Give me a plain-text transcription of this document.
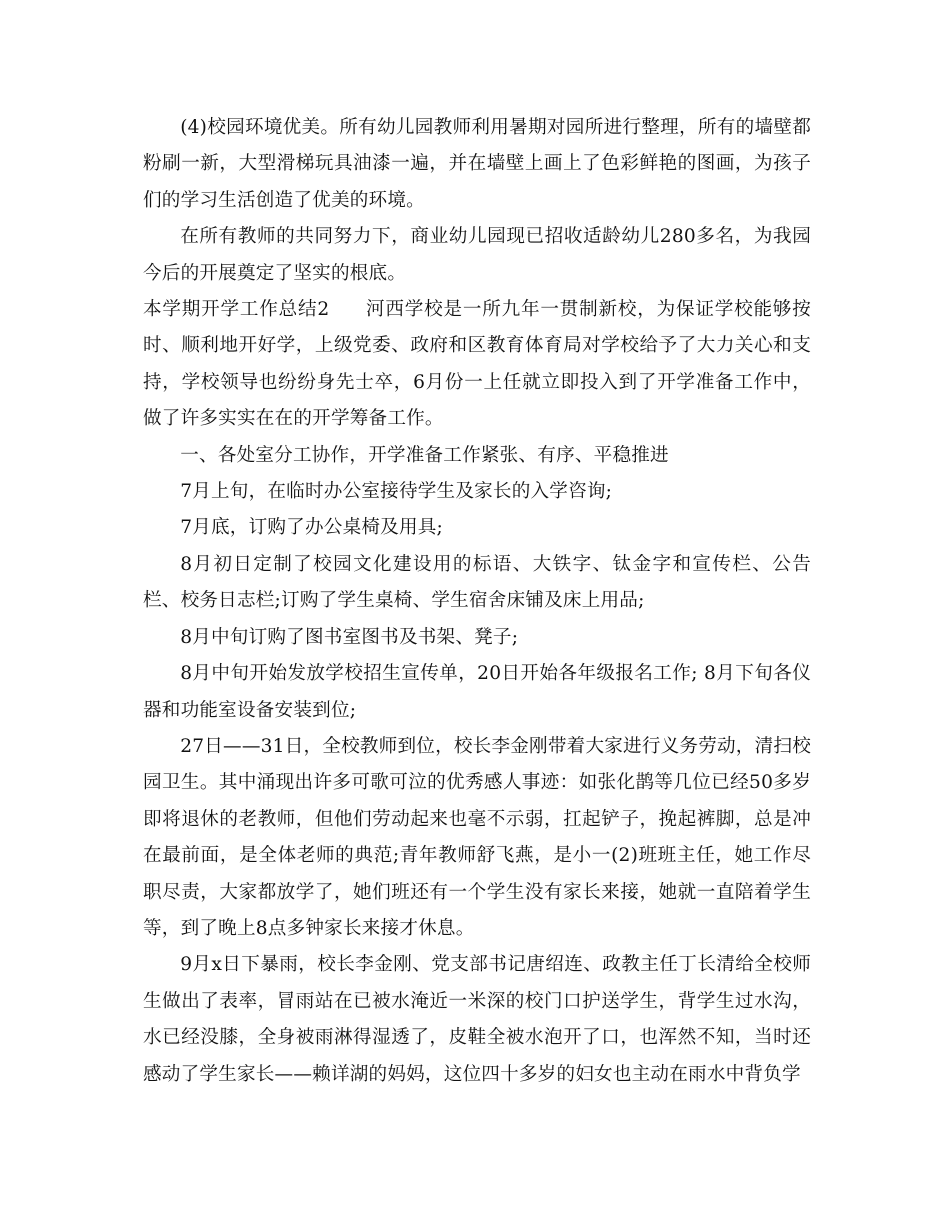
(4)校园环境优美。所有幼儿园教师利用暑期对园所进行整理，所有的墙壁都粉刷一新，大型滑梯玩具油漆一遍，并在墙壁上画上了色彩鲜艳的图画，为孩子们的学习生活创造了优美的环境。

在所有教师的共同努力下，商业幼儿园现已招收适龄幼儿280多名，为我园今后的开展奠定了坚实的根底。

本学期开学工作总结2 河西学校是一所九年一贯制新校，为保证学校能够按时、顺利地开好学，上级党委、政府和区教育体育局对学校给予了大力关心和支持，学校领导也纷纷身先士卒，6月份一上任就立即投入到了开学准备工作中，做了许多实实在在的开学筹备工作。

一、各处室分工协作，开学准备工作紧张、有序、平稳推进

7月上旬，在临时办公室接待学生及家长的入学咨询;

7月底，订购了办公桌椅及用具;

8月初日定制了校园文化建设用的标语、大铁字、钛金字和宣传栏、公告栏、校务日志栏;订购了学生桌椅、学生宿舍床铺及床上用品;

8月中旬订购了图书室图书及书架、凳子;

8月中旬开始发放学校招生宣传单，20日开始各年级报名工作; 8月下旬各仪器和功能室设备安装到位;

27日——31日，全校教师到位，校长李金刚带着大家进行义务劳动，清扫校园卫生。其中涌现出许多可歌可泣的优秀感人事迹：如张化鹊等几位已经50多岁即将退休的老教师，但他们劳动起来也毫不示弱，扛起铲子，挽起裤脚，总是冲在最前面，是全体老师的典范;青年教师舒飞燕，是小一(2)班班主任，她工作尽职尽责，大家都放学了，她们班还有一个学生没有家长来接，她就一直陪着学生等，到了晚上8点多钟家长来接才休息。

9月x日下暴雨，校长李金刚、党支部书记唐绍连、政教主任丁长清给全校师生做出了表率，冒雨站在已被水淹近一米深的校门口护送学生，背学生过水沟，水已经没膝，全身被雨淋得湿透了，皮鞋全被水泡开了口，也浑然不知，当时还感动了学生家长——赖详湖的妈妈，这位四十多岁的妇女也主动在雨水中背负学
